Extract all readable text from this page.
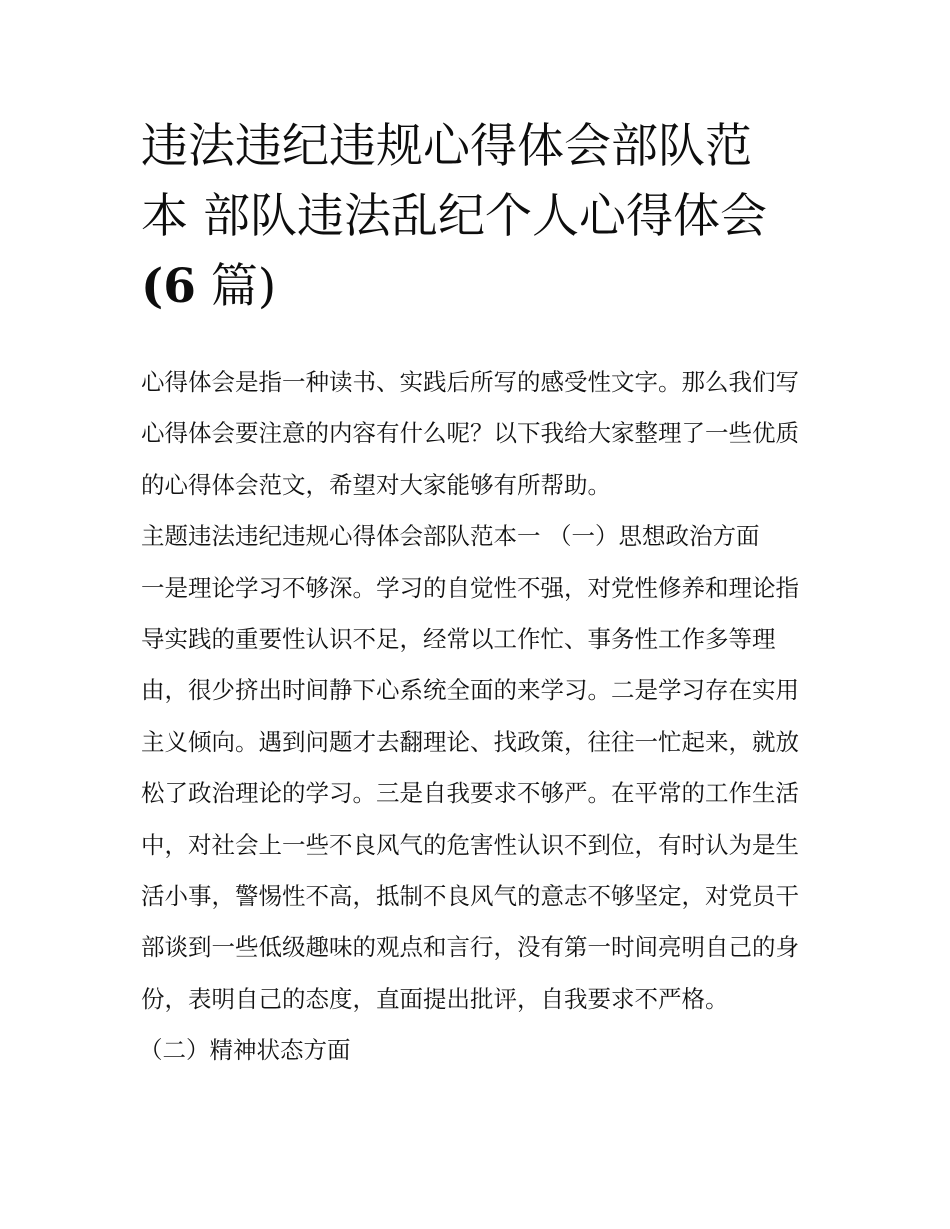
违法违纪违规心得体会部队范
本 部队违法乱纪个人心得体会
(6 篇)

心得体会是指一种读书、实践后所写的感受性文字。那么我们写心得体会要注意的内容有什么呢？以下我给大家整理了一些优质的心得体会范文，希望对大家能够有所帮助。

主题违法违纪违规心得体会部队范本一 （一）思想政治方面

一是理论学习不够深。学习的自觉性不强，对党性修养和理论指导实践的重要性认识不足，经常以工作忙、事务性工作多等理由，很少挤出时间静下心系统全面的来学习。二是学习存在实用主义倾向。遇到问题才去翻理论、找政策，往往一忙起来，就放松了政治理论的学习。三是自我要求不够严。在平常的工作生活中，对社会上一些不良风气的危害性认识不到位，有时认为是生活小事，警惕性不高，抵制不良风气的意志不够坚定，对党员干部谈到一些低级趣味的观点和言行，没有第一时间亮明自己的身份，表明自己的态度，直面提出批评，自我要求不严格。

（二）精神状态方面
